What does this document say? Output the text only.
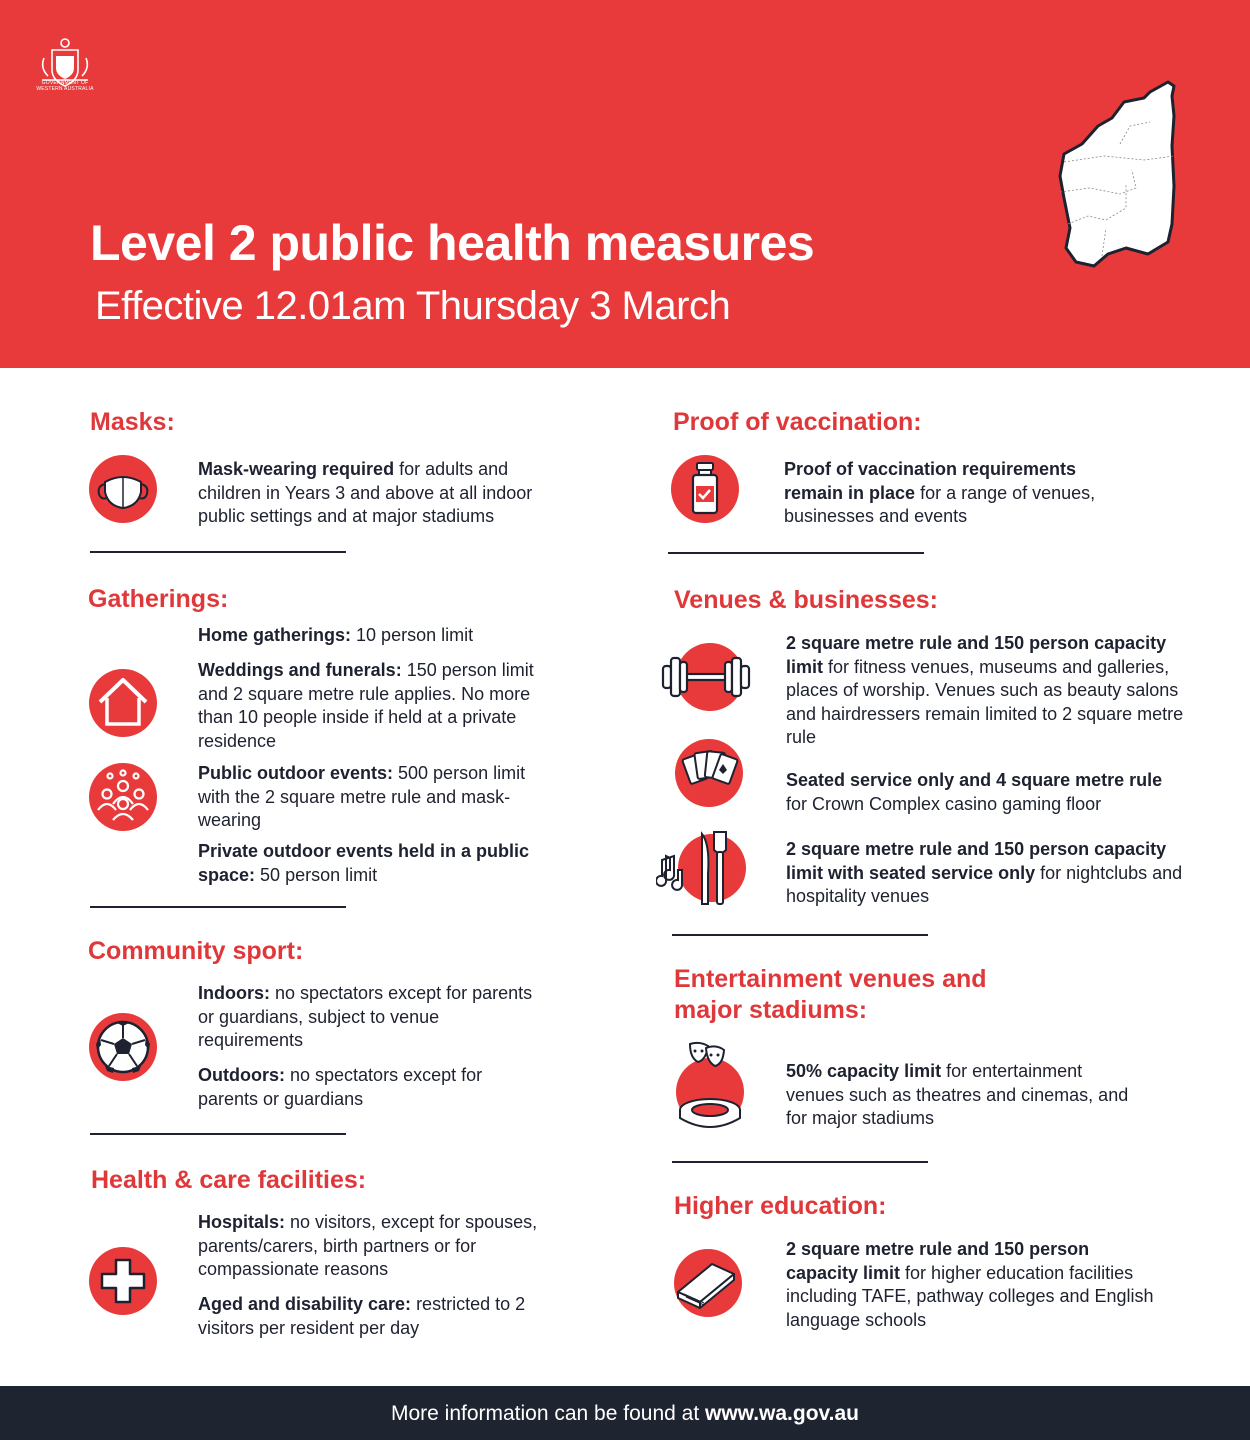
GOVERNMENT OF WESTERN AUSTRALIA
Level 2 public health measures
Effective 12.01am Thursday 3 March
Masks:
Mask-wearing required for adults and children in Years 3 and above at all indoor public settings and at major stadiums
Gatherings:
Home gatherings: 10 person limit
Weddings and funerals: 150 person limit and 2 square metre rule applies. No more than 10 people inside if held at a private residence
Public outdoor events: 500 person limit with the 2 square metre rule and mask-wearing
Private outdoor events held in a public space: 50 person limit
Community sport:
Indoors: no spectators except for parents or guardians, subject to venue requirements
Outdoors: no spectators except for parents or guardians
Health & care facilities:
Hospitals: no visitors, except for spouses, parents/carers, birth partners or for compassionate reasons
Aged and disability care: restricted to 2 visitors per resident per day
Proof of vaccination:
Proof of vaccination requirements remain in place for a range of venues, businesses and events
Venues & businesses:
2 square metre rule and 150 person capacity limit for fitness venues, museums and galleries, places of worship. Venues such as beauty salons and hairdressers remain limited to 2 square metre rule
Seated service only and 4 square metre rule for Crown Complex casino gaming floor
2 square metre rule and 150 person capacity limit with seated service only for nightclubs and hospitality venues
Entertainment venues and
major stadiums:
50% capacity limit for entertainment venues such as theatres and cinemas, and for major stadiums
Higher education:
2 square metre rule and 150 person capacity limit for higher education facilities including TAFE, pathway colleges and English language schools
More information can be found at www.wa.gov.au
